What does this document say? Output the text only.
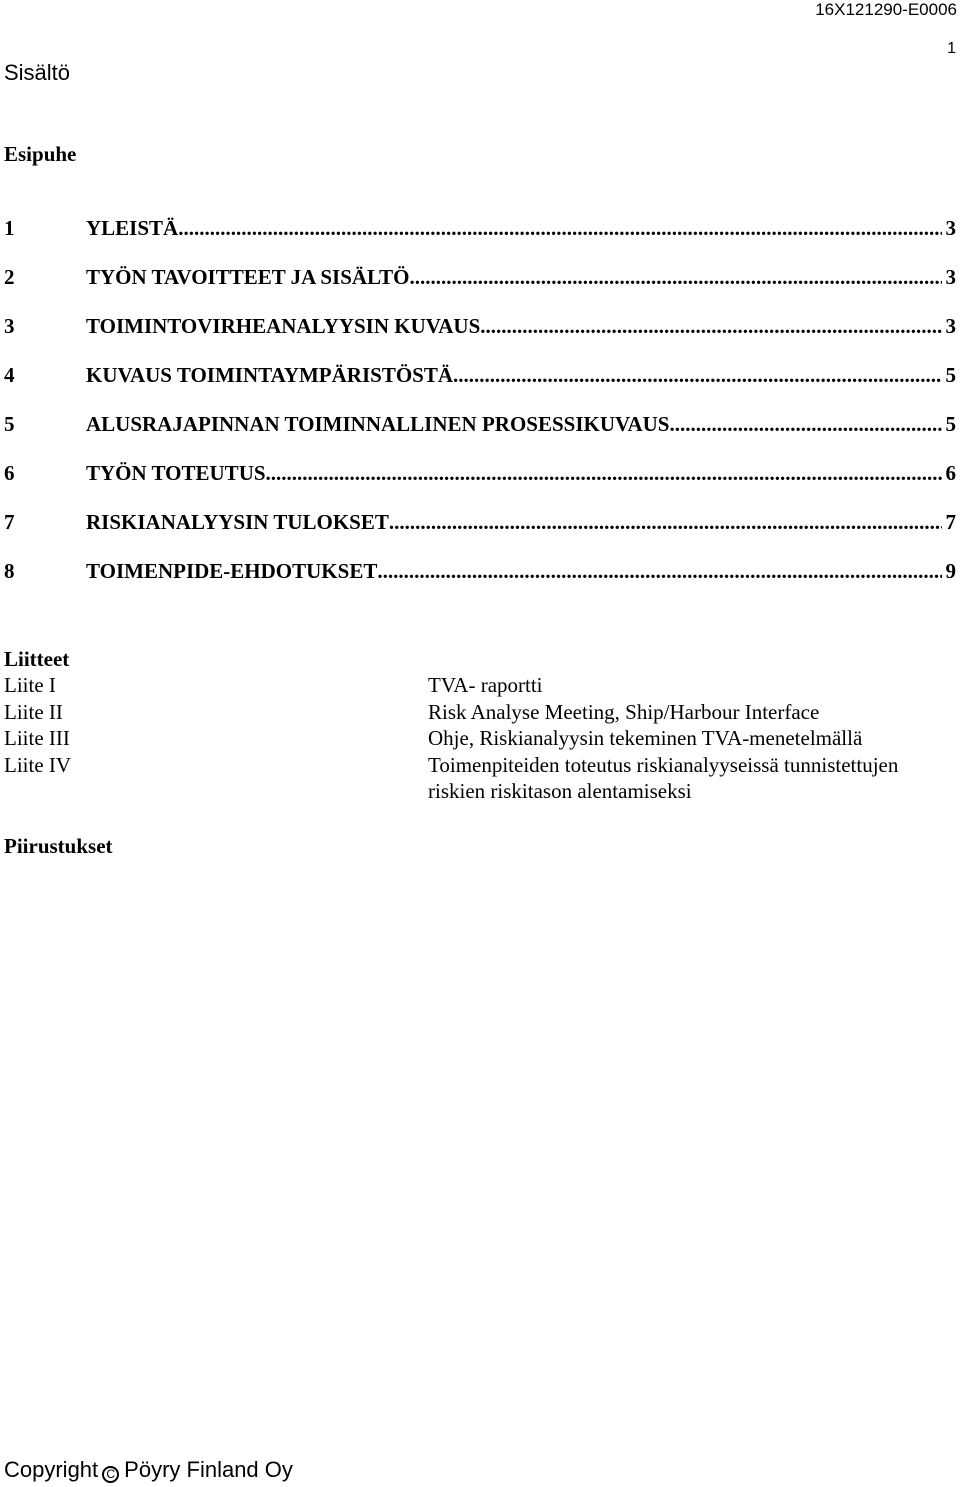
16X121290-E0006
1
Sisältö
Esipuhe
1	YLEISTÄ .....	3
2	TYÖN TAVOITTEET JA SISÄLTÖ .....	3
3	TOIMINTOVIRHEANALYYSIN KUVAUS .....	3
4	KUVAUS TOIMINTAYMPÄRISTÖSTÄ .....	5
5	ALUSRAJAPINNAN TOIMINNALLINEN PROSESSIKUVAUS .....	5
6	TYÖN TOTEUTUS .....	6
7	RISKIANALYYSIN TULOKSET .....	7
8	TOIMENPIDE-EHDOTUKSET .....	9
Liitteet
Liite I	TVA- raportti
Liite II	Risk Analyse Meeting, Ship/Harbour Interface
Liite III	Ohje, Riskianalyysin tekeminen TVA-menetelmällä
Liite IV	Toimenpiteiden toteutus riskianalyyseissä tunnistettujen
riskien riskitason alentamiseksi
Piirustukset
Copyright C Pöyry Finland Oy
